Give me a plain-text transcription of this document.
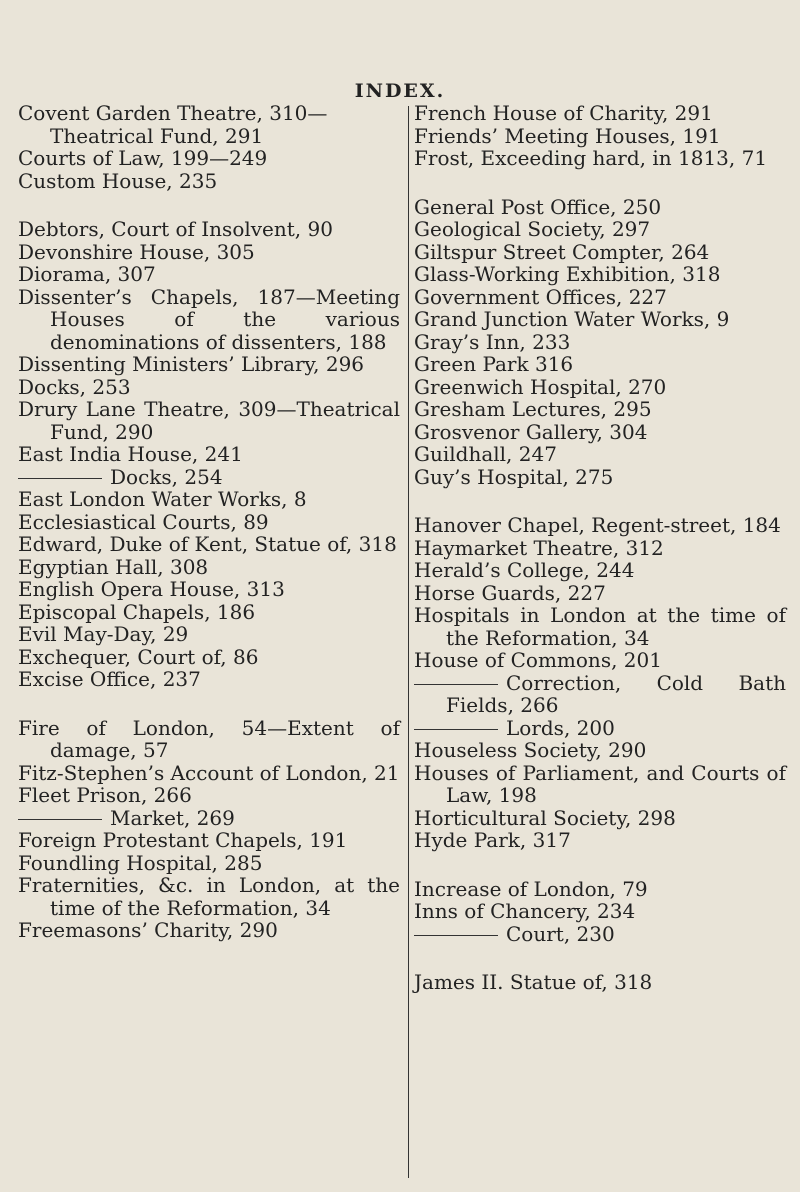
INDEX.
Covent Garden Theatre, 310—
Theatrical Fund, 291
Courts of Law, 199—249
Custom House, 235
Debtors, Court of Insolvent, 90
Devonshire House, 305
Diorama, 307
Dissenter’s Chapels, 187—Meeting Houses of the various denominations of dissenters, 188
Dissenting Ministers’ Library, 296
Docks, 253
Drury Lane Theatre, 309—Theatrical Fund, 290
East India House, 241
Docks, 254
East London Water Works, 8
Ecclesiastical Courts, 89
Edward, Duke of Kent, Statue of, 318
Egyptian Hall, 308
English Opera House, 313
Episcopal Chapels, 186
Evil May-Day, 29
Exchequer, Court of, 86
Excise Office, 237
Fire of London, 54—Extent of damage, 57
Fitz-Stephen’s Account of London, 21
Fleet Prison, 266
Market, 269
Foreign Protestant Chapels, 191
Foundling Hospital, 285
Fraternities, &c. in London, at the time of the Reformation, 34
Freemasons’ Charity, 290
French House of Charity, 291
Friends’ Meeting Houses, 191
Frost, Exceeding hard, in 1813, 71
General Post Office, 250
Geological Society, 297
Giltspur Street Compter, 264
Glass-Working Exhibition, 318
Government Offices, 227
Grand Junction Water Works, 9
Gray’s Inn, 233
Green Park 316
Greenwich Hospital, 270
Gresham Lectures, 295
Grosvenor Gallery, 304
Guildhall, 247
Guy’s Hospital, 275
Hanover Chapel, Regent-street, 184
Haymarket Theatre, 312
Herald’s College, 244
Horse Guards, 227
Hospitals in London at the time of the Reformation, 34
House of Commons, 201
Correction, Cold Bath Fields, 266
Lords, 200
Houseless Society, 290
Houses of Parliament, and Courts of Law, 198
Horticultural Society, 298
Hyde Park, 317
Increase of London, 79
Inns of Chancery, 234
Court, 230
James II. Statue of, 318
